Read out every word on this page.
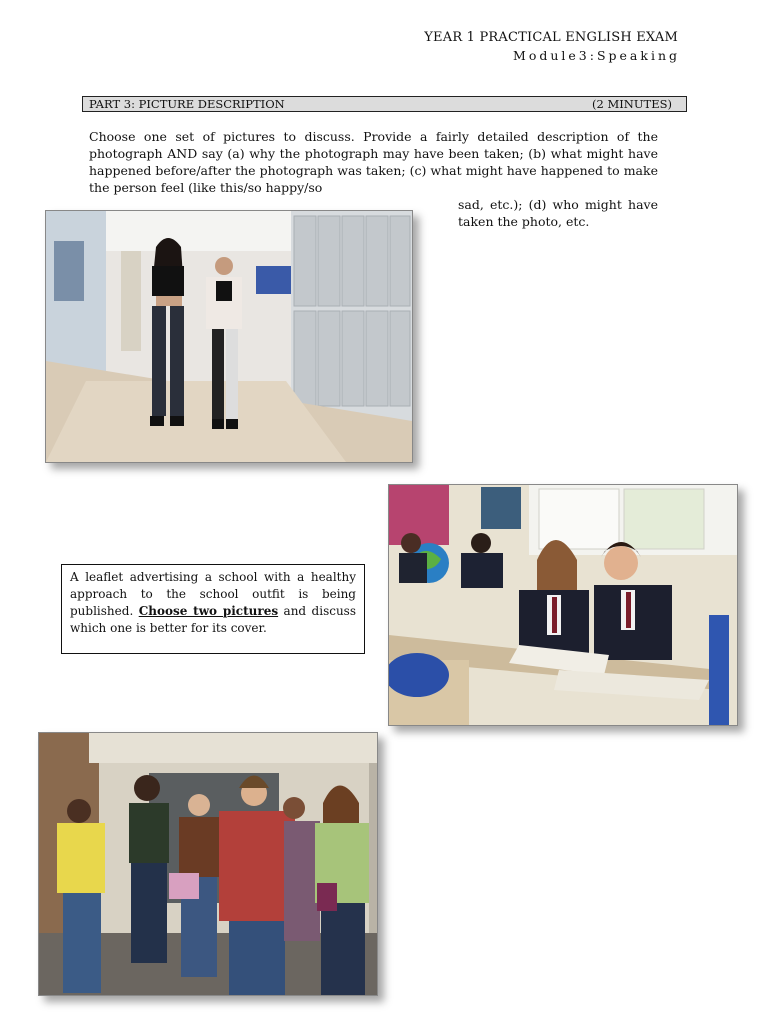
YEAR 1 PRACTICAL ENGLISH EXAM
Module3:Speaking
PART 3: PICTURE DESCRIPTION	(2 MINUTES)
Choose one set of pictures to discuss. Provide a fairly detailed description of the photograph AND say (a) why the photograph may have been taken; (b) what might have happened before/after the photograph was taken; (c) what might have happened to make the person feel (like this/so happy/so
sad, etc.); (d) who might have taken the photo, etc.
A leaflet advertising a school with a healthy approach to the school outfit is being published. Choose two pictures and discuss which one is better for its cover.
